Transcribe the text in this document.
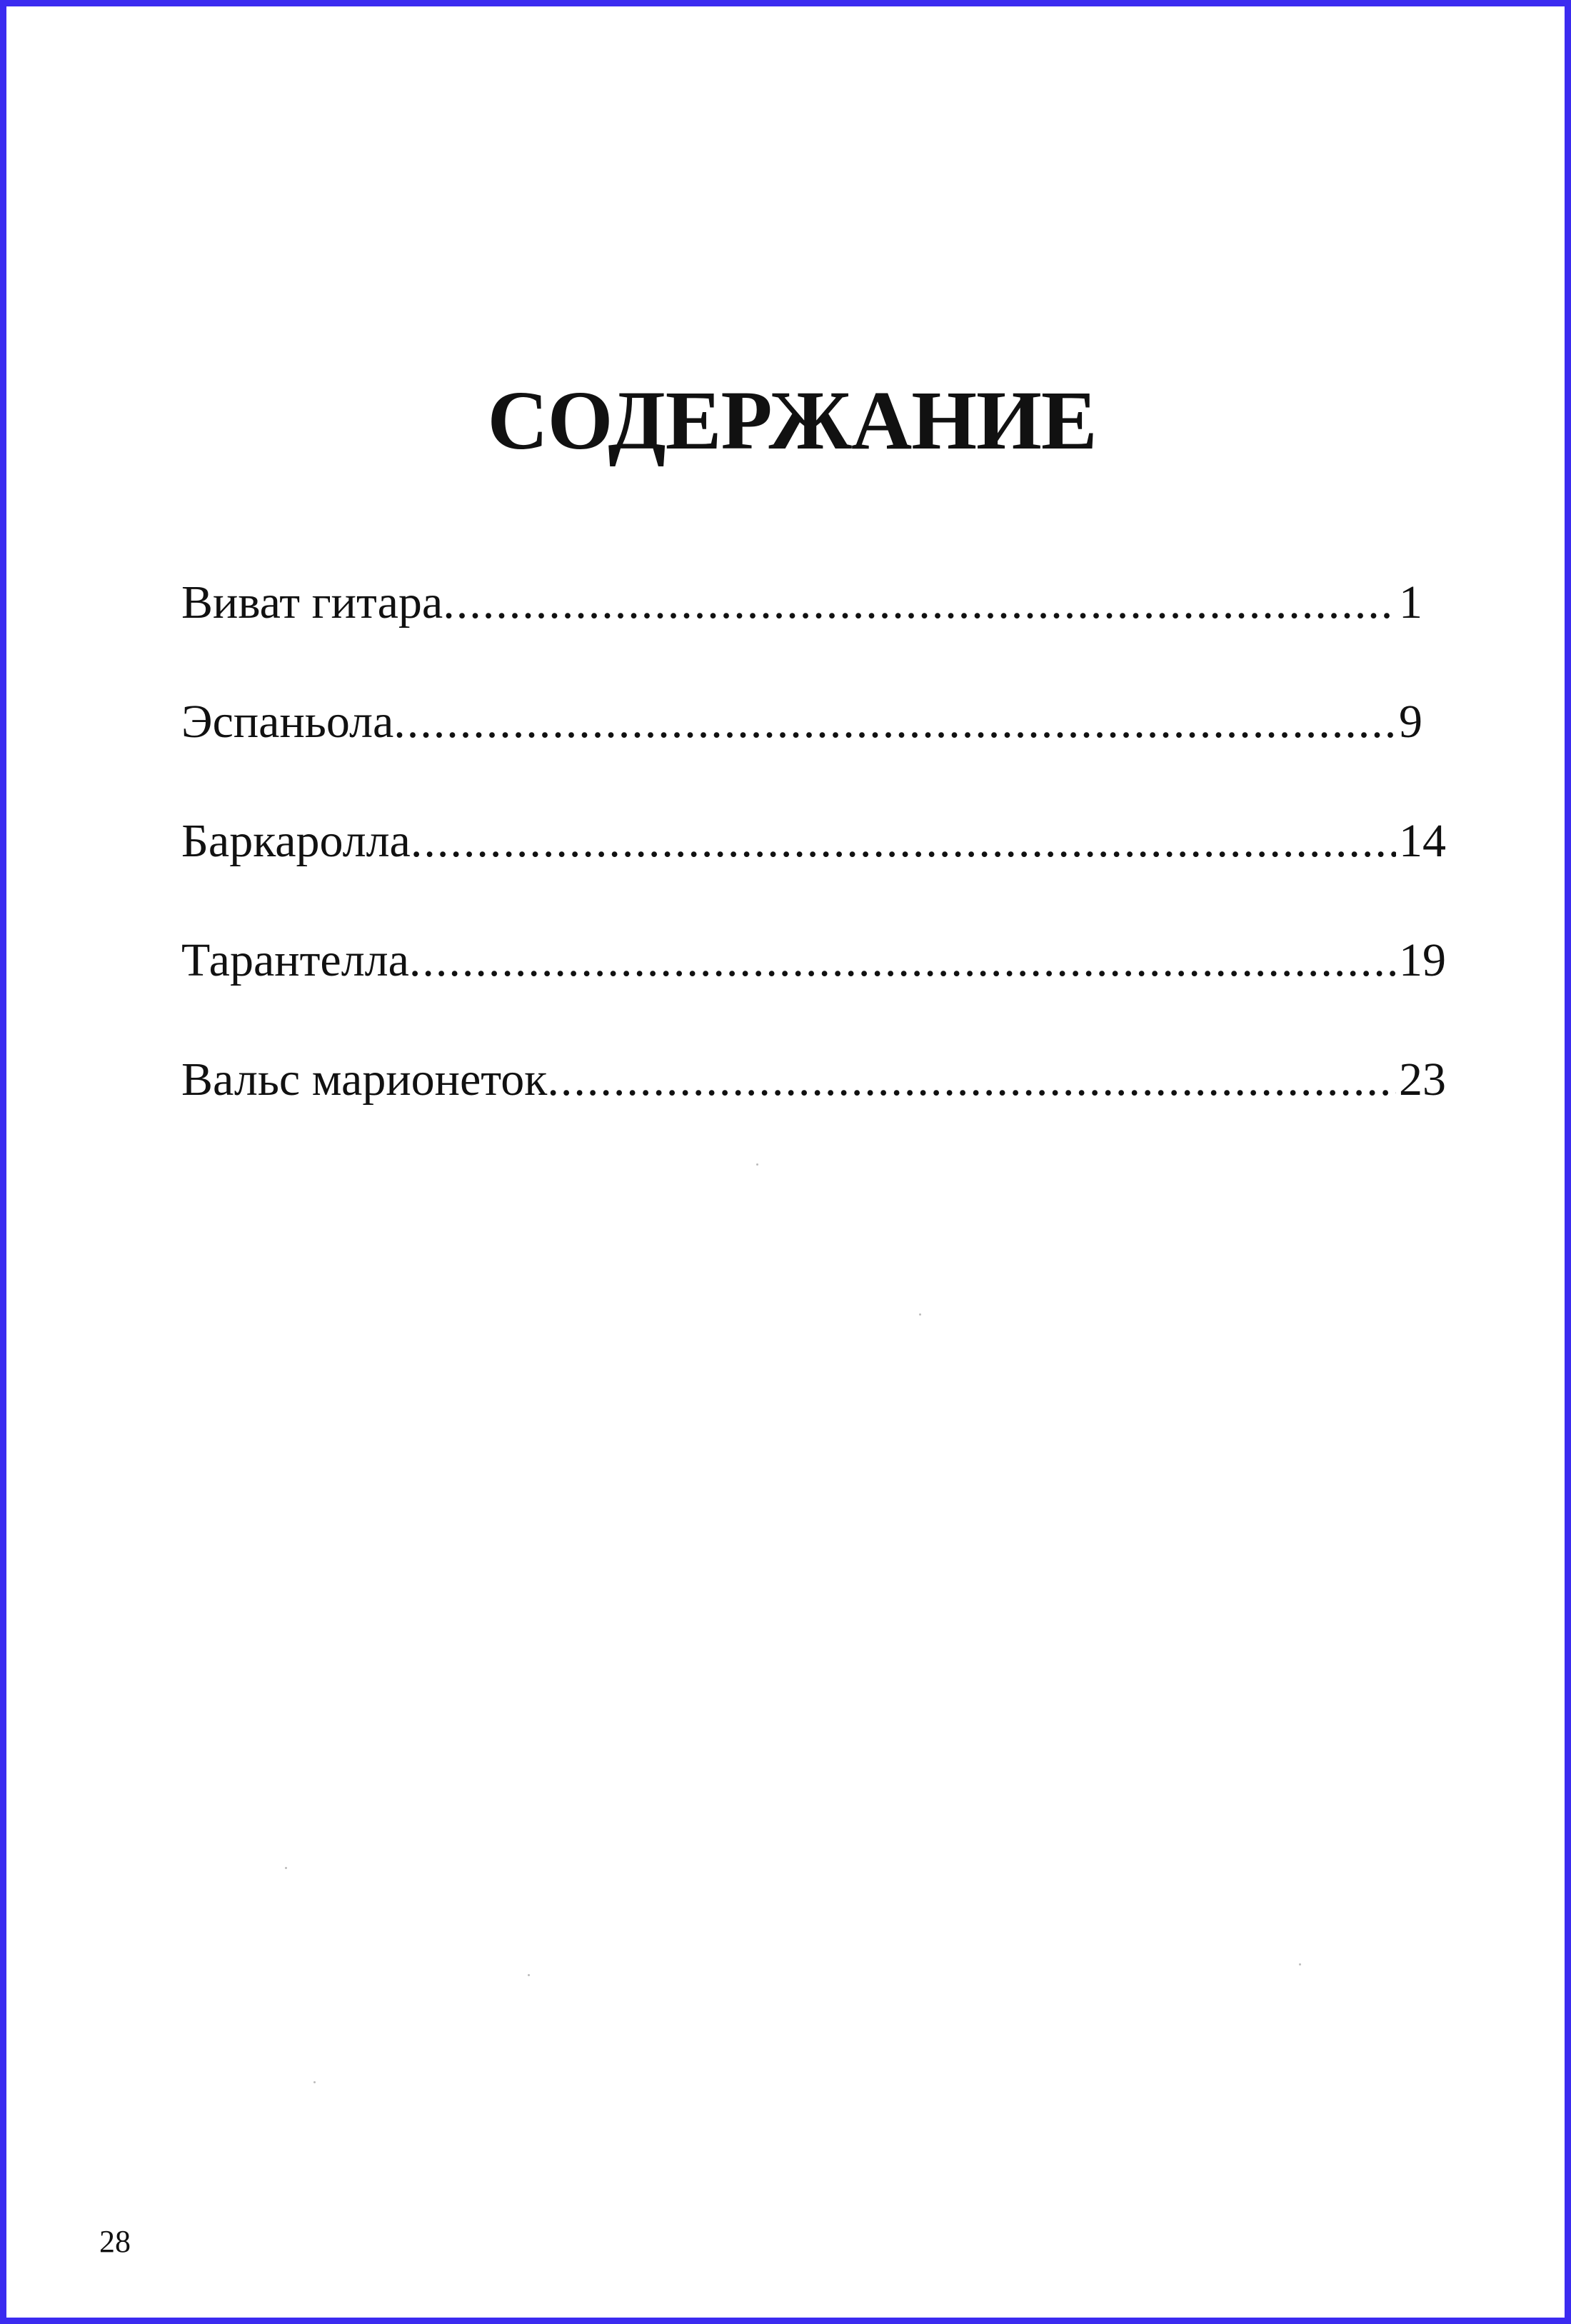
СОДЕРЖАНИЕ
Виват гитара .....	1
Эспаньола .....	9
Баркаролла .....	14
Тарантелла .....	19
Вальс марионеток .....	23
28
